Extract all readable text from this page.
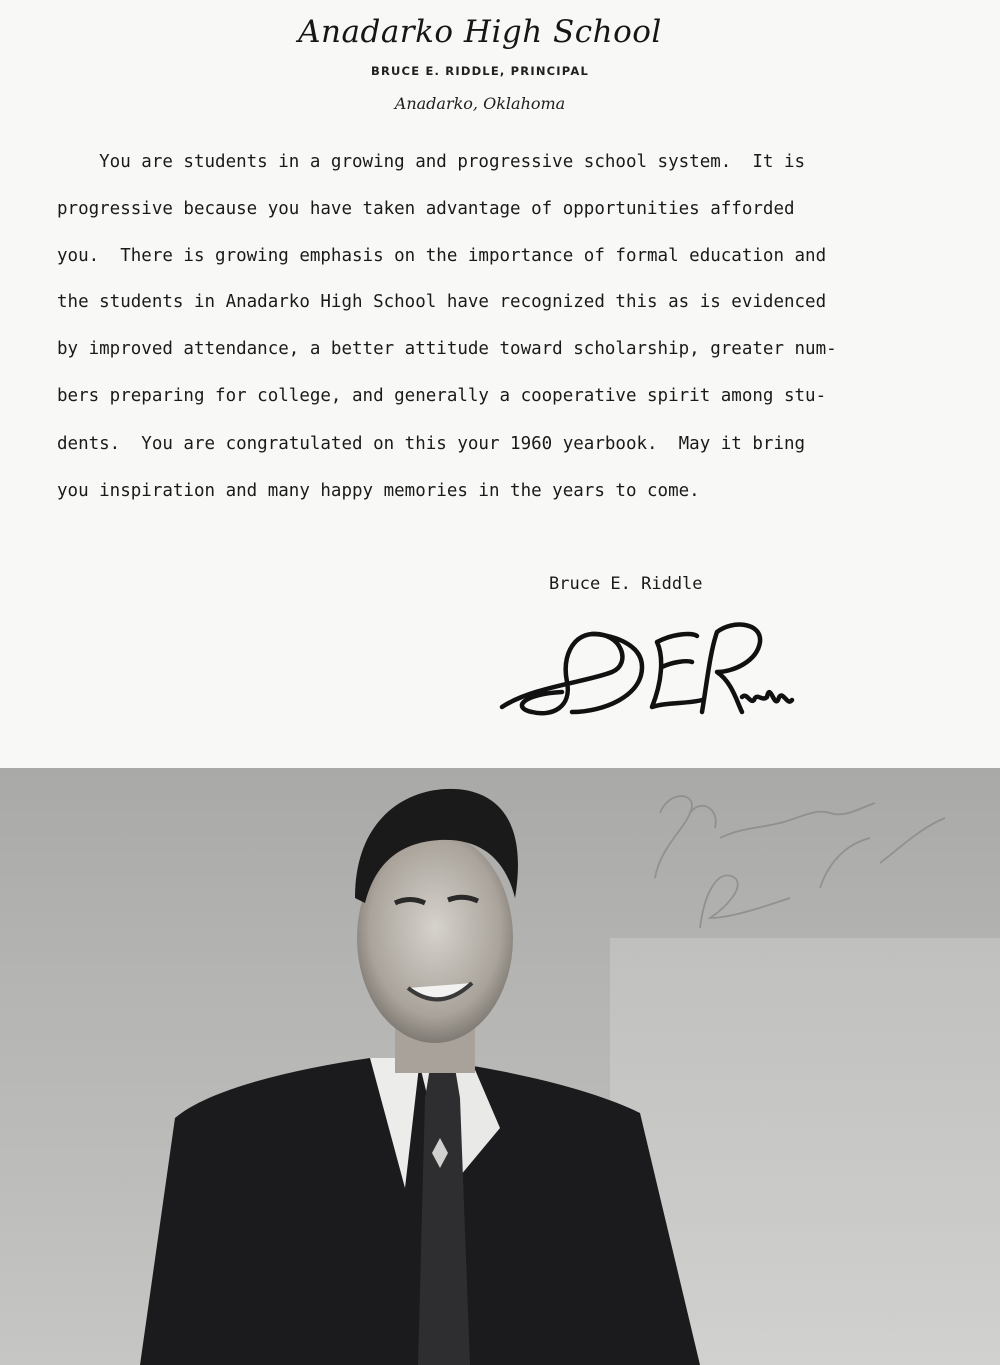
Anadarko High School
BRUCE E. RIDDLE, PRINCIPAL
Anadarko, Oklahoma

You are students in a growing and progressive school system.  It is

progressive because you have taken advantage of opportunities afforded

you.  There is growing emphasis on the importance of formal education and

the students in Anadarko High School have recognized this as is evidenced

by improved attendance, a better attitude toward scholarship, greater num-

bers preparing for college, and generally a cooperative spirit among stu-

dents.  You are congratulated on this your 1960 yearbook.  May it bring

you inspiration and many happy memories in the years to come.

Bruce E. Riddle
Best wishes Bruce E Riddle
